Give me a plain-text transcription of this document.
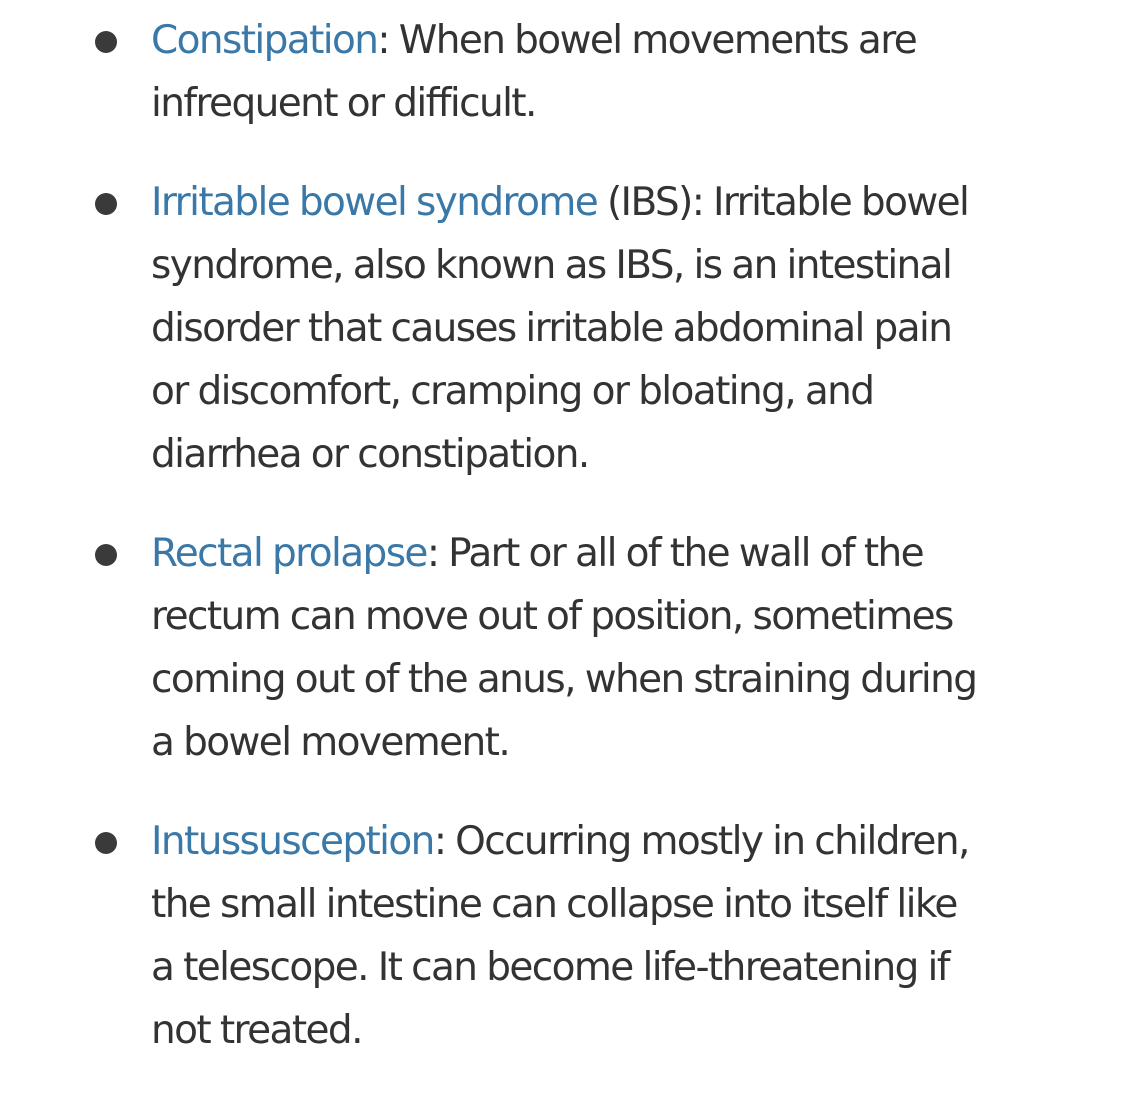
Constipation: When bowel movements are
infrequent or difficult.

Irritable bowel syndrome (IBS): Irritable bowel
syndrome, also known as IBS, is an intestinal
disorder that causes irritable abdominal pain
or discomfort, cramping or bloating, and
diarrhea or constipation.

Rectal prolapse: Part or all of the wall of the
rectum can move out of position, sometimes
coming out of the anus, when straining during
a bowel movement.

Intussusception: Occurring mostly in children,
the small intestine can collapse into itself like
a telescope. It can become life-threatening if
not treated.
